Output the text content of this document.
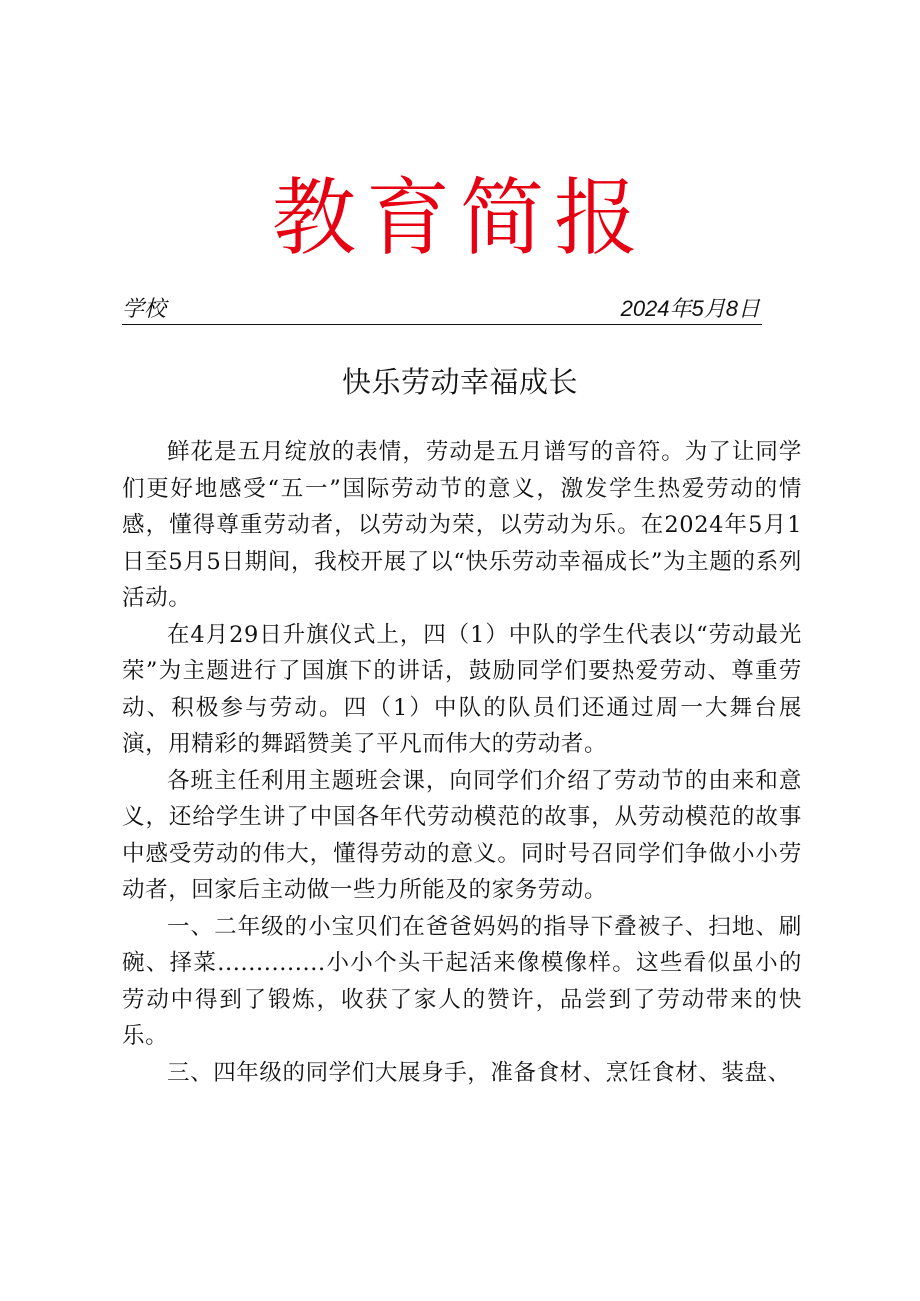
教育简报
学校	2024年5月8日
快乐劳动幸福成长

鲜花是五月绽放的表情，劳动是五月谱写的音符。为了让同学们更好地感受“五一”国际劳动节的意义，激发学生热爱劳动的情感，懂得尊重劳动者，以劳动为荣，以劳动为乐。在2024年5月1日至5月5日期间，我校开展了以“快乐劳动幸福成长”为主题的系列活动。

在4月29日升旗仪式上，四（1）中队的学生代表以“劳动最光荣”为主题进行了国旗下的讲话，鼓励同学们要热爱劳动、尊重劳动、积极参与劳动。四（1）中队的队员们还通过周一大舞台展演，用精彩的舞蹈赞美了平凡而伟大的劳动者。

各班主任利用主题班会课，向同学们介绍了劳动节的由来和意义，还给学生讲了中国各年代劳动模范的故事，从劳动模范的故事中感受劳动的伟大，懂得劳动的意义。同时号召同学们争做小小劳动者，回家后主动做一些力所能及的家务劳动。

一、二年级的小宝贝们在爸爸妈妈的指导下叠被子、扫地、刷碗、择菜..............小小个头干起活来像模像样。这些看似虽小的劳动中得到了锻炼，收获了家人的赞许，品尝到了劳动带来的快乐。

三、四年级的同学们大展身手，准备食材、烹饪食材、装盘、
